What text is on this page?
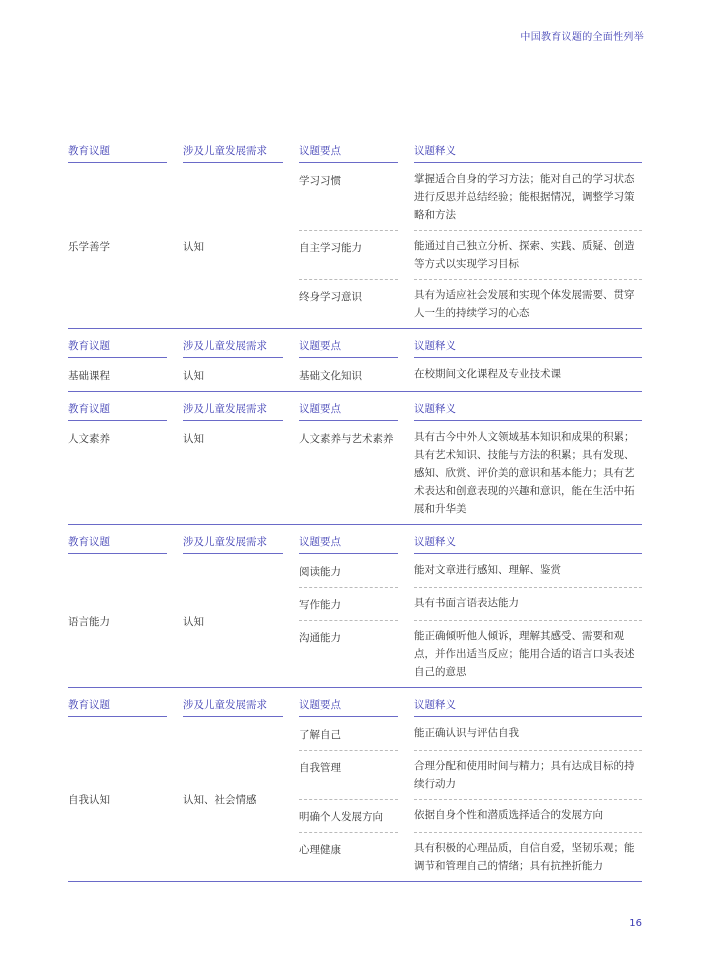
中国教育议题的全面性列举
教育议题	涉及儿童发展需求	议题要点	议题释义
乐学善学	认知
学习习惯	掌握适合自身的学习方法；能对自己的学习状态进行反思并总结经验；能根据情况，调整学习策略和方法
自主学习能力	能通过自己独立分析、探索、实践、质疑、创造等方式以实现学习目标
终身学习意识	具有为适应社会发展和实现个体发展需要、贯穿人一生的持续学习的心态
教育议题	涉及儿童发展需求	议题要点	议题释义
基础课程	认知	基础文化知识	在校期间文化课程及专业技术课
教育议题	涉及儿童发展需求	议题要点	议题释义
人文素养	认知	人文素养与艺术素养	具有古今中外人文领域基本知识和成果的积累；具有艺术知识、技能与方法的积累；具有发现、感知、欣赏、评价美的意识和基本能力；具有艺术表达和创意表现的兴趣和意识，能在生活中拓展和升华美
教育议题	涉及儿童发展需求	议题要点	议题释义
语言能力	认知
阅读能力	能对文章进行感知、理解、鉴赏
写作能力	具有书面言语表达能力
沟通能力	能正确倾听他人倾诉，理解其感受、需要和观点，并作出适当反应；能用合适的语言口头表述自己的意思
教育议题	涉及儿童发展需求	议题要点	议题释义
自我认知	认知、社会情感
了解自己	能正确认识与评估自我
自我管理	合理分配和使用时间与精力；具有达成目标的持续行动力
明确个人发展方向	依据自身个性和潜质选择适合的发展方向
心理健康	具有积极的心理品质，自信自爱，坚韧乐观；能调节和管理自己的情绪；具有抗挫折能力
16
